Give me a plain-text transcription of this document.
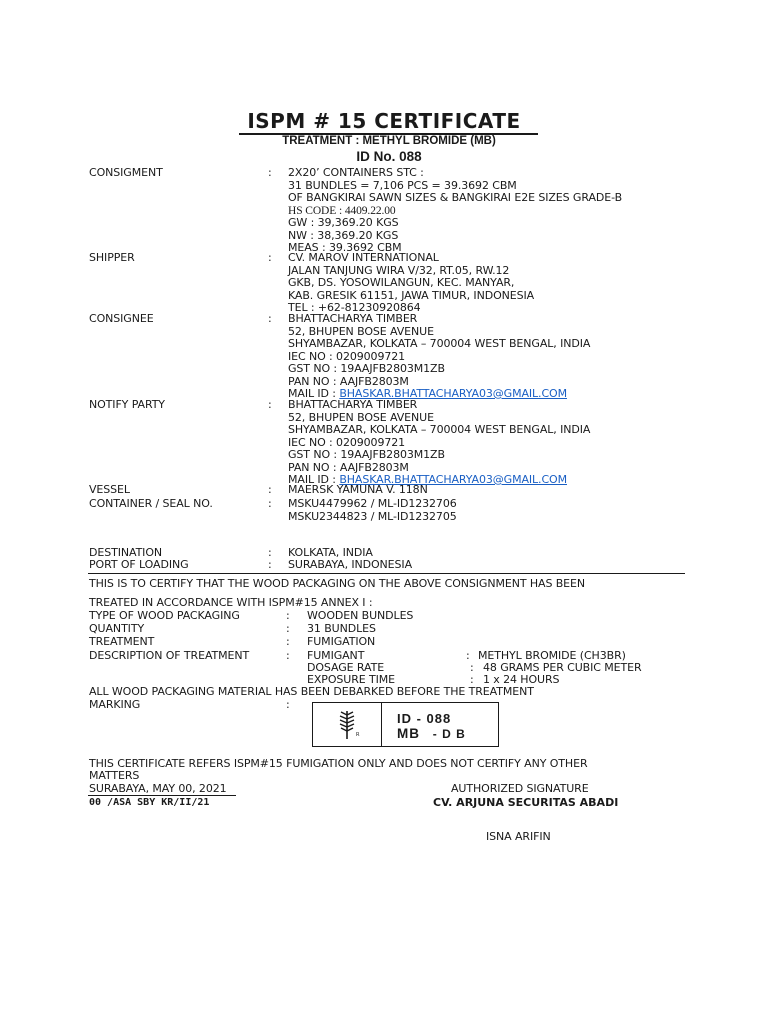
ISPM # 15 CERTIFICATE
TREATMENT : METHYL BROMIDE (MB)
ID No. 088
CONSIGMENT	: 2X20’ CONTAINERS STC :
31 BUNDLES = 7,106 PCS = 39.3692 CBM
OF BANGKIRAI SAWN SIZES & BANGKIRAI E2E SIZES GRADE-B
HS CODE : 4409.22.00
GW : 39,369.20 KGS
NW : 38,369.20 KGS
MEAS : 39.3692 CBM
SHIPPER	: CV. MAROV INTERNATIONAL
JALAN TANJUNG WIRA V/32, RT.05, RW.12
GKB, DS. YOSOWILANGUN, KEC. MANYAR,
KAB. GRESIK 61151, JAWA TIMUR, INDONESIA
TEL : +62-81230920864
CONSIGNEE	: BHATTACHARYA TIMBER
52, BHUPEN BOSE AVENUE
SHYAMBAZAR, KOLKATA – 700004 WEST BENGAL, INDIA
IEC NO : 0209009721
GST NO : 19AAJFB2803M1ZB
PAN NO : AAJFB2803M
MAIL ID : BHASKAR.BHATTACHARYA03@GMAIL.COM
NOTIFY PARTY	: BHATTACHARYA TIMBER
52, BHUPEN BOSE AVENUE
SHYAMBAZAR, KOLKATA – 700004 WEST BENGAL, INDIA
IEC NO : 0209009721
GST NO : 19AAJFB2803M1ZB
PAN NO : AAJFB2803M
MAIL ID : BHASKAR.BHATTACHARYA03@GMAIL.COM
VESSEL	: MAERSK YAMUNA V. 118N
CONTAINER / SEAL NO.	: MSKU4479962 / ML-ID1232706
MSKU2344823 / ML-ID1232705
DESTINATION	: KOLKATA, INDIA
PORT OF LOADING	: SURABAYA, INDONESIA
THIS IS TO CERTIFY THAT THE WOOD PACKAGING ON THE ABOVE CONSIGNMENT HAS BEEN
TREATED IN ACCORDANCE WITH ISPM#15 ANNEX I :
TYPE OF WOOD PACKAGING	: WOODEN BUNDLES
QUANTITY	: 31 BUNDLES
TREATMENT	: FUMIGATION
DESCRIPTION OF TREATMENT	: FUMIGANT	: METHYL BROMIDE (CH3BR)
DOSAGE RATE	: 48 GRAMS PER CUBIC METER
EXPOSURE TIME	: 1 x 24 HOURS
ALL WOOD PACKAGING MATERIAL HAS BEEN DEBARKED BEFORE THE TREATMENT
MARKING	:
R
ID - 088
MB - D B
THIS CERTIFICATE REFERS ISPM#15 FUMIGATION ONLY AND DOES NOT CERTIFY ANY OTHER
MATTERS
SURABAYA, MAY 00, 2021
00 /ASA SBY KR/II/21
AUTHORIZED SIGNATURE
CV. ARJUNA SECURITAS ABADI
ISNA ARIFIN
